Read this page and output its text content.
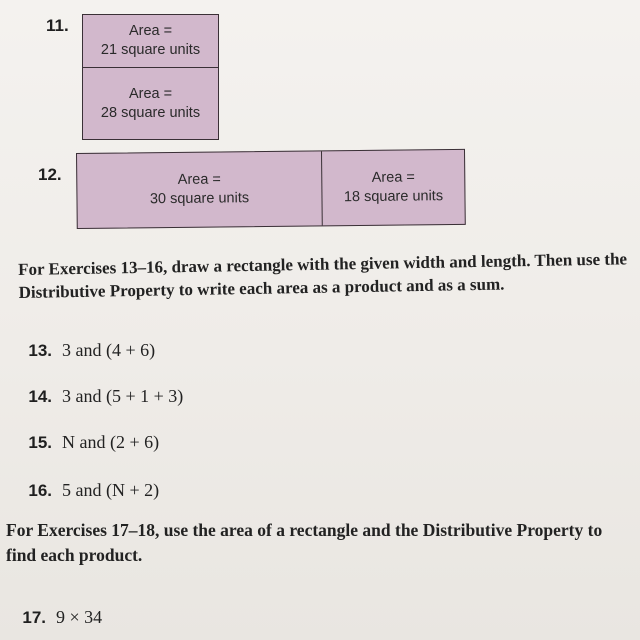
11.	Area =
21 square units
Area =
28 square units
12.	Area =
30 square units
Area =
18 square units
For Exercises 13–16, draw a rectangle with the given width and length. Then use the Distributive Property to write each area as a product and as a sum.
13. 3 and (4 + 6)
14. 3 and (5 + 1 + 3)
15. N and (2 + 6)
16. 5 and (N + 2)
For Exercises 17–18, use the area of a rectangle and the Distributive Property to find each product.
17. 9 × 34
